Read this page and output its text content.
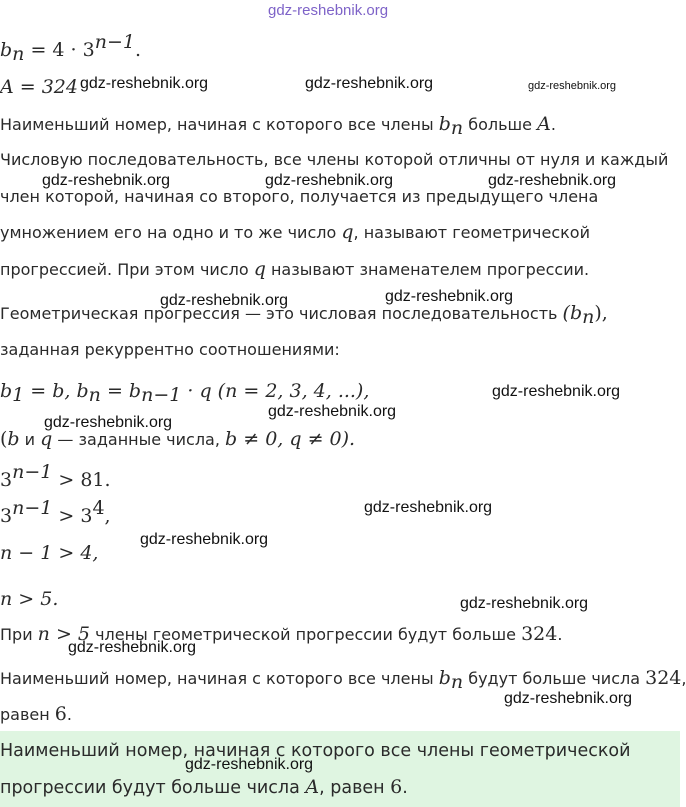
gdz-reshebnik.org
$b_n = 4 \cdot 3^{n-1}$.
A = 324 gdz-reshebnik.org	gdz-reshebnik.org	gdz-reshebnik.org
Наименьший номер, начиная с которого все члены $b_n$ больше A.
Числовую последовательность, все члены которой отличны от нуля и каждый
gdz-reshebnik.org	gdz-reshebnik.org	gdz-reshebnik.org
член которой, начиная со второго, получается из предыдущего члена
умножением его на одно и то же число q, называют геометрической
прогрессией. При этом число q называют знаменателем прогрессии.
gdz-reshebnik.org	gdz-reshebnik.org
Геометрическая прогрессия — это числовая последовательность $(b_n)$,
заданная рекуррентно соотношениями:
$b_1 = b$, $b_n = b_{n-1} \cdot q$ (n = 2, 3, 4, ...),	gdz-reshebnik.org
gdz-reshebnik.org
gdz-reshebnik.org
(b и q — заданные числа, b ≠ 0, q ≠ 0).
$3^{n-1} > 81$.
$3^{n-1} > 3^4$,	gdz-reshebnik.org
gdz-reshebnik.org
n − 1 > 4,
n > 5.	gdz-reshebnik.org
При n > 5 члены геометрической прогрессии будут больше 324.
gdz-reshebnik.org
Наименьший номер, начиная с которого все члены $b_n$ будут больше числа 324,
gdz-reshebnik.org
равен 6.
Наименьший номер, начиная с которого все члены геометрической
gdz-reshebnik.org
прогрессии будут больше числа A, равен 6.
